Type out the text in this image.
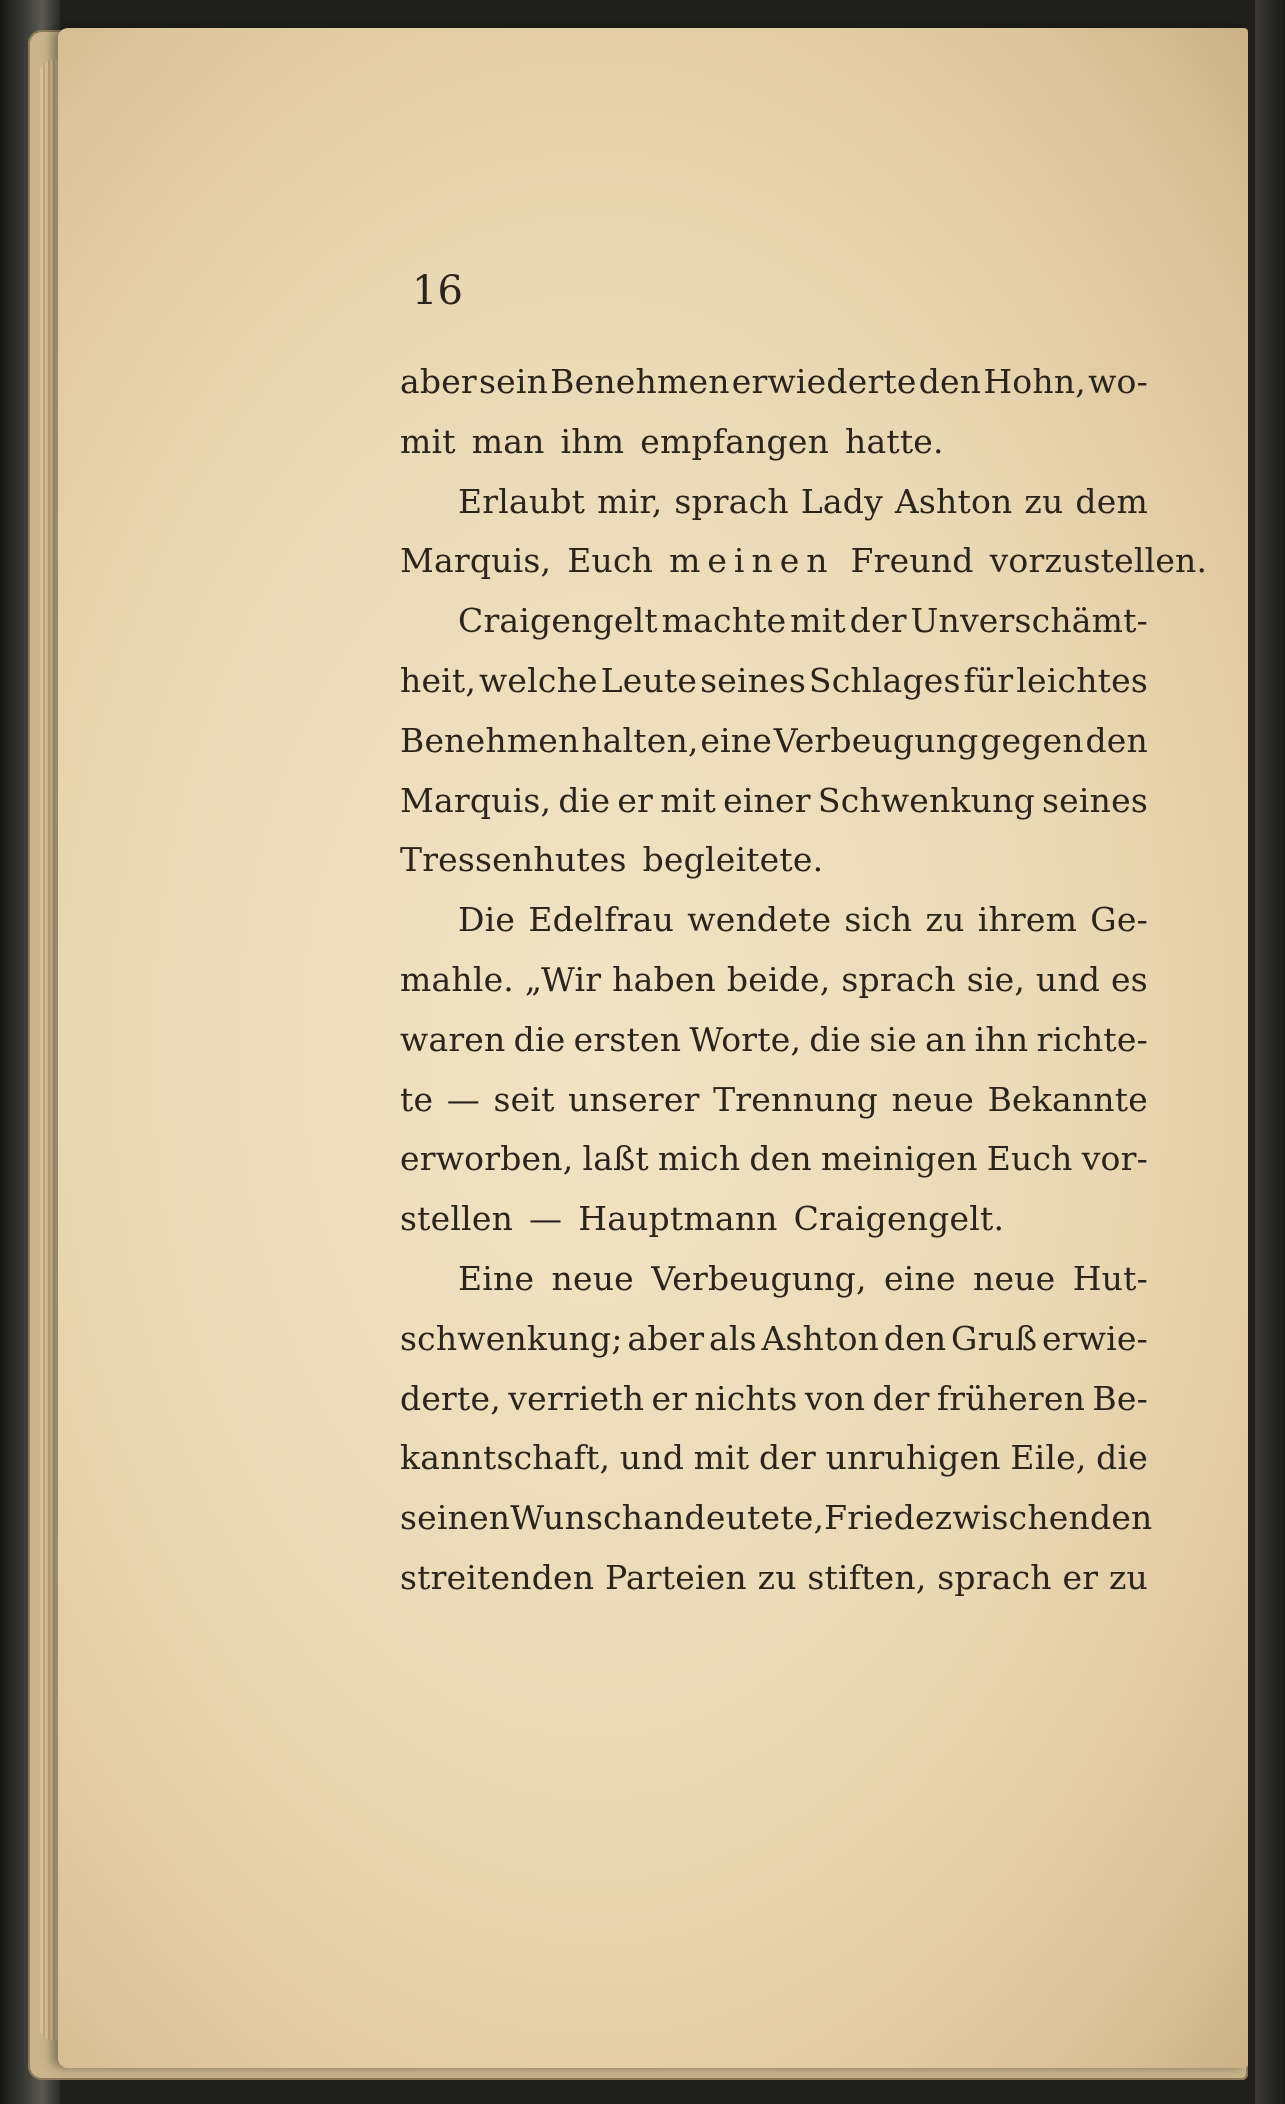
16
aber sein Benehmen erwiederte den Hohn, wo-
mit man ihm empfangen hatte.
Erlaubt mir, sprach Lady Ashton zu dem
Marquis, Euch meinen Freund vorzustellen.
Craigengelt machte mit der Unverschämt-
heit, welche Leute seines Schlages für leichtes
Benehmen halten, eine Verbeugung gegen den
Marquis, die er mit einer Schwenkung seines
Tressenhutes begleitete.
Die Edelfrau wendete sich zu ihrem Ge-
mahle. „Wir haben beide, sprach sie, und es
waren die ersten Worte, die sie an ihn richte-
te — seit unserer Trennung neue Bekannte
erworben, laßt mich den meinigen Euch vor-
stellen — Hauptmann Craigengelt.
Eine neue Verbeugung, eine neue Hut-
schwenkung; aber als Ashton den Gruß erwie-
derte, verrieth er nichts von der früheren Be-
kanntschaft, und mit der unruhigen Eile, die
seinen Wunsch andeutete, Friede zwischen den
streitenden Parteien zu stiften, sprach er zu
